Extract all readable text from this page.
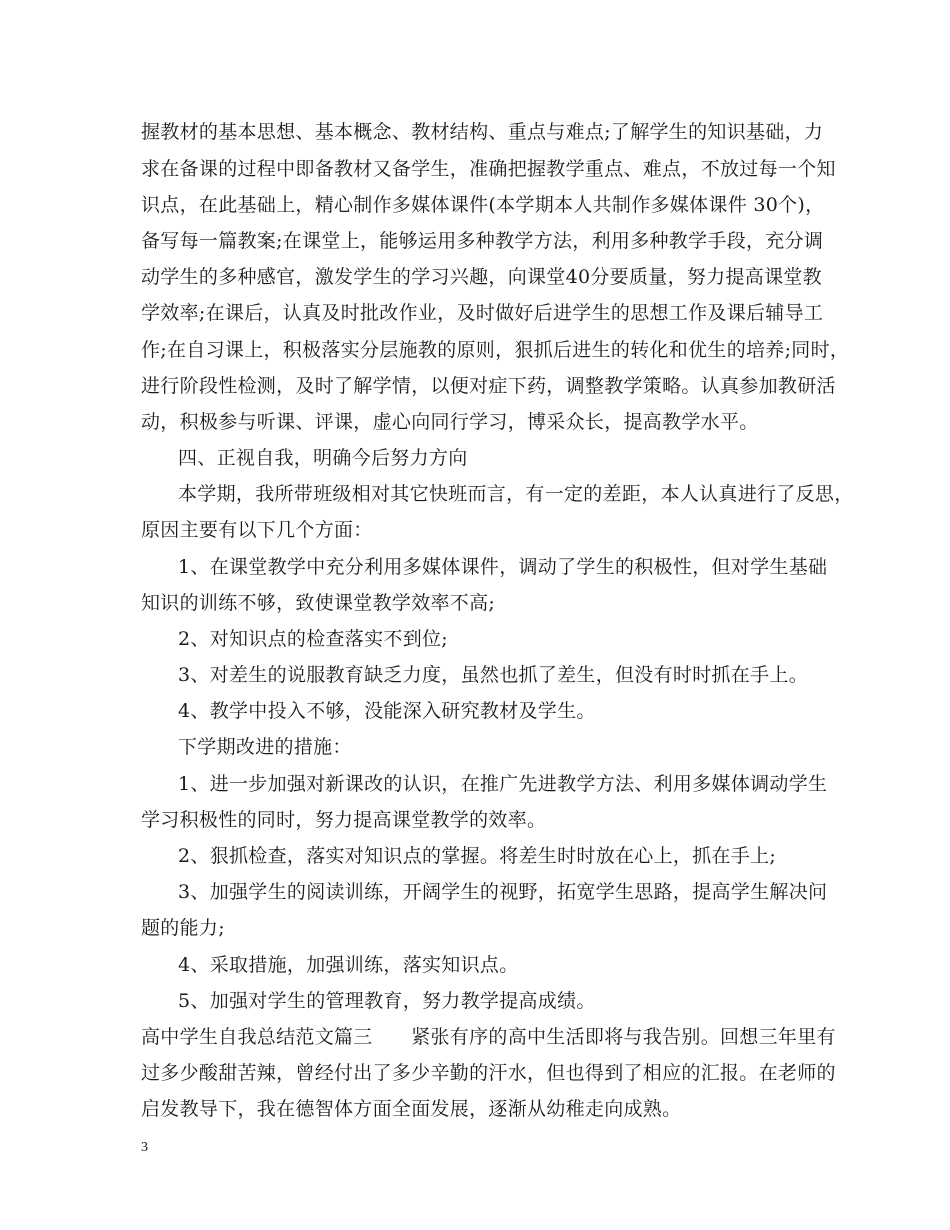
握教材的基本思想、基本概念、教材结构、重点与难点;了解学生的知识基础，力
求在备课的过程中即备教材又备学生，准确把握教学重点、难点，不放过每一个知
识点，在此基础上，精心制作多媒体课件(本学期本人共制作多媒体课件 30个)，
备写每一篇教案;在课堂上，能够运用多种教学方法，利用多种教学手段，充分调
动学生的多种感官，激发学生的学习兴趣，向课堂40分要质量，努力提高课堂教
学效率;在课后，认真及时批改作业，及时做好后进学生的思想工作及课后辅导工
作;在自习课上，积极落实分层施教的原则，狠抓后进生的转化和优生的培养;同时，
进行阶段性检测，及时了解学情，以便对症下药，调整教学策略。认真参加教研活
动，积极参与听课、评课，虚心向同行学习，博采众长，提高教学水平。
四、正视自我，明确今后努力方向
本学期，我所带班级相对其它快班而言，有一定的差距，本人认真进行了反思，
原因主要有以下几个方面：
1、在课堂教学中充分利用多媒体课件，调动了学生的积极性，但对学生基础
知识的训练不够，致使课堂教学效率不高;
2、对知识点的检查落实不到位;
3、对差生的说服教育缺乏力度，虽然也抓了差生，但没有时时抓在手上。
4、教学中投入不够，没能深入研究教材及学生。
下学期改进的措施：
1、进一步加强对新课改的认识，在推广先进教学方法、利用多媒体调动学生
学习积极性的同时，努力提高课堂教学的效率。
2、狠抓检查，落实对知识点的掌握。将差生时时放在心上，抓在手上;
3、加强学生的阅读训练，开阔学生的视野，拓宽学生思路，提高学生解决问
题的能力;
4、采取措施，加强训练，落实知识点。
5、加强对学生的管理教育，努力教学提高成绩。
高中学生自我总结范文篇三　　紧张有序的高中生活即将与我告别。回想三年里有
过多少酸甜苦辣，曾经付出了多少辛勤的汗水，但也得到了相应的汇报。在老师的
启发教导下，我在德智体方面全面发展，逐渐从幼稚走向成熟。
3
